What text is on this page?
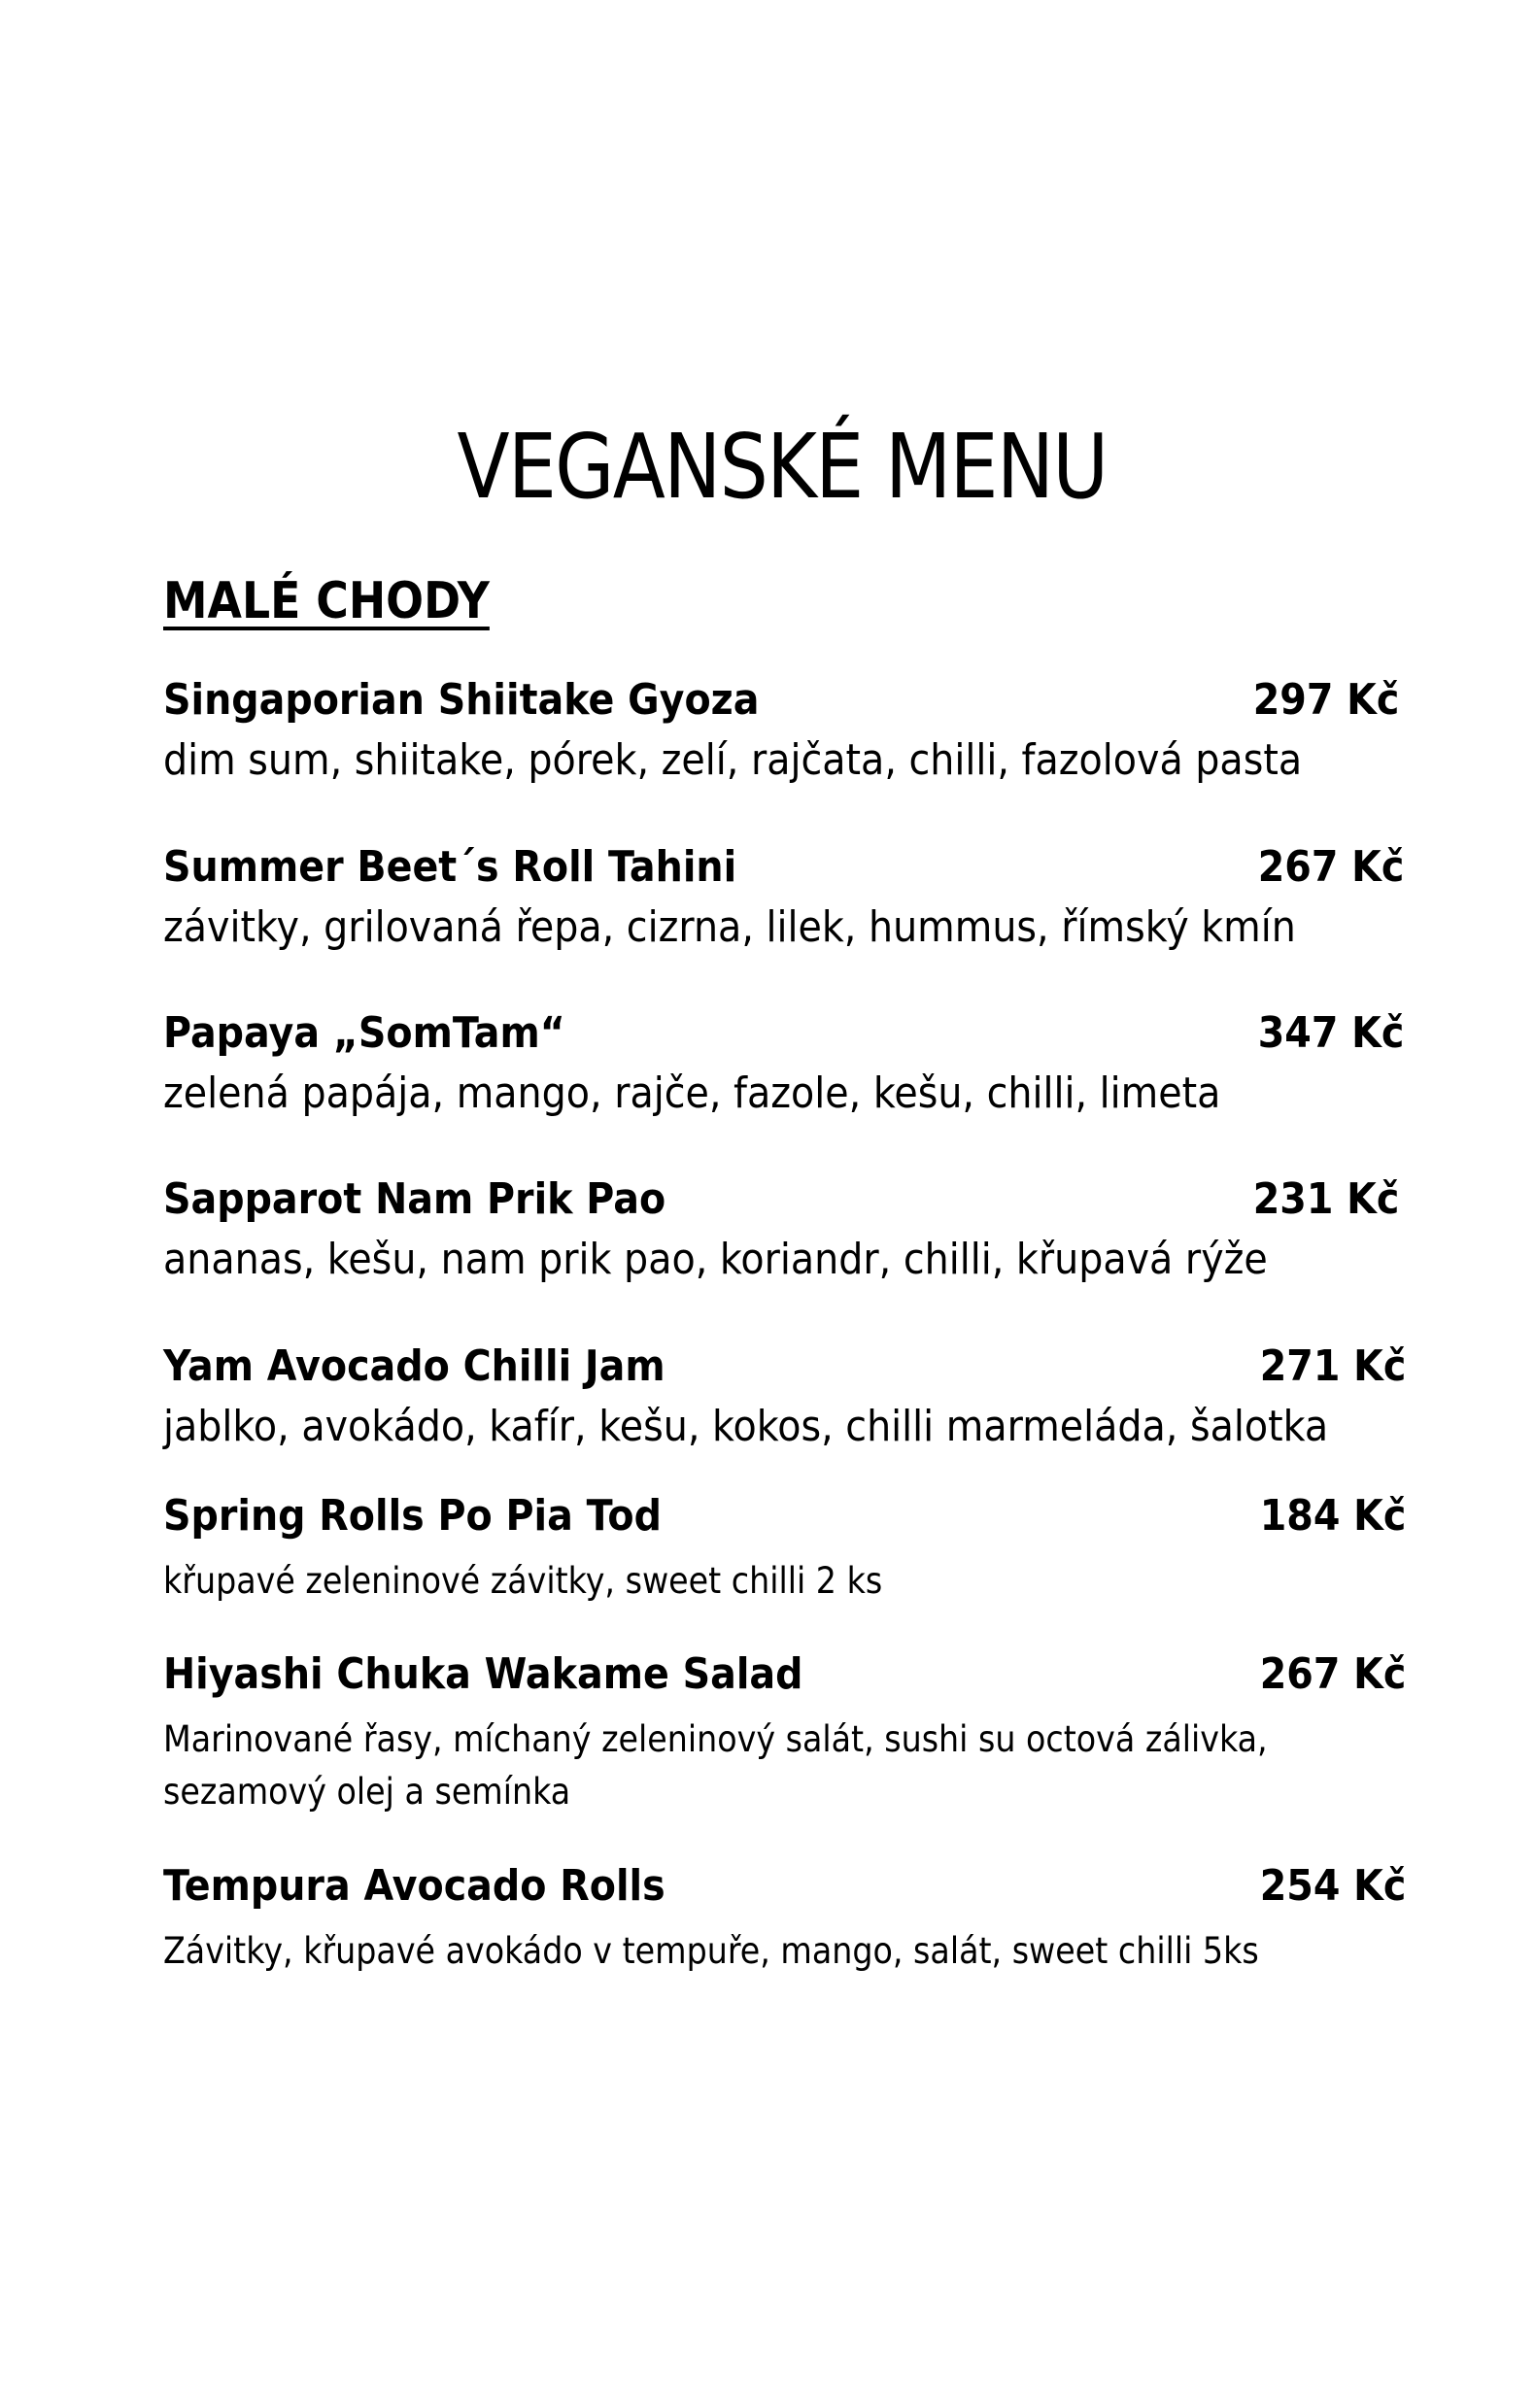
VEGANSKÉ MENU
MALÉ CHODY
Singaporian Shiitake Gyoza	297 Kč
dim sum, shiitake, pórek, zelí, rajčata, chilli, fazolová pasta
Summer Beet´s Roll Tahini	267 Kč
závitky, grilovaná řepa, cizrna, lilek, hummus, římský kmín
Papaya „SomTam“	347 Kč
zelená papája, mango, rajče, fazole, kešu, chilli, limeta
Sapparot Nam Prik Pao	231 Kč
ananas, kešu, nam prik pao, koriandr, chilli, křupavá rýže
Yam Avocado Chilli Jam	271 Kč
jablko, avokádo, kafír, kešu, kokos, chilli marmeláda, šalotka
Spring Rolls Po Pia Tod	184 Kč
křupavé zeleninové závitky, sweet chilli 2 ks
Hiyashi Chuka Wakame Salad	267 Kč
Marinované řasy, míchaný zeleninový salát, sushi su octová zálivka, sezamový olej a semínka
Tempura Avocado Rolls	254 Kč
Závitky, křupavé avokádo v tempuře, mango, salát, sweet chilli 5ks
